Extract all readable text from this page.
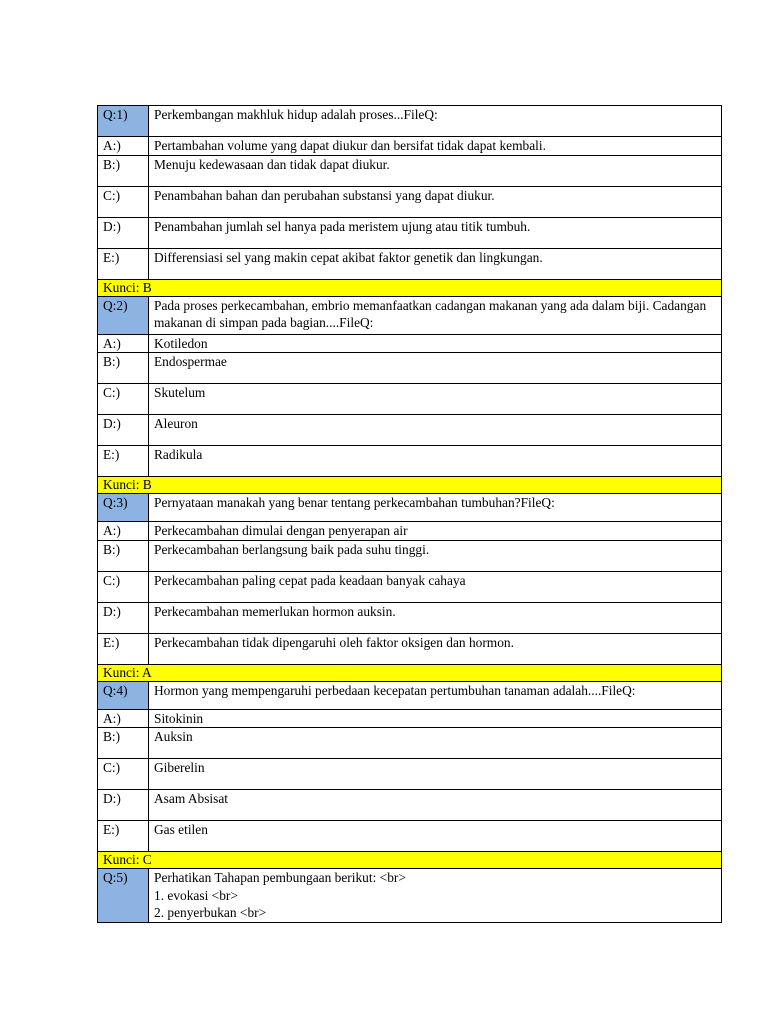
Q:1)	Perkembangan makhluk hidup adalah proses...FileQ:
A:)	Pertambahan volume yang dapat diukur dan bersifat tidak dapat kembali.
B:)	Menuju kedewasaan dan tidak dapat diukur.
C:)	Penambahan bahan dan perubahan substansi yang dapat diukur.
D:)	Penambahan jumlah sel hanya pada meristem ujung atau titik tumbuh.
E:)	Differensiasi sel yang makin cepat akibat faktor genetik dan lingkungan.
Kunci: B	
Q:2)	Pada proses perkecambahan, embrio memanfaatkan cadangan makanan yang ada dalam biji. Cadangan makanan di simpan pada bagian....FileQ:
A:)	Kotiledon
B:)	Endospermae
C:)	Skutelum
D:)	Aleuron
E:)	Radikula
Kunci: B	
Q:3)	Pernyataan manakah yang benar tentang perkecambahan tumbuhan?FileQ:
A:)	Perkecambahan dimulai dengan penyerapan air
B:)	Perkecambahan berlangsung baik pada suhu tinggi.
C:)	Perkecambahan paling cepat pada keadaan banyak cahaya
D:)	Perkecambahan memerlukan hormon auksin.
E:)	Perkecambahan tidak dipengaruhi oleh faktor oksigen dan hormon.
Kunci: A	
Q:4)	Hormon yang mempengaruhi perbedaan kecepatan pertumbuhan tanaman adalah....FileQ:
A:)	Sitokinin
B:)	Auksin
C:)	Giberelin
D:)	Asam Absisat
E:)	Gas etilen
Kunci: C	
Q:5)	Perhatikan Tahapan pembungaan berikut: <br>
1. evokasi <br>
2. penyerbukan <br>
